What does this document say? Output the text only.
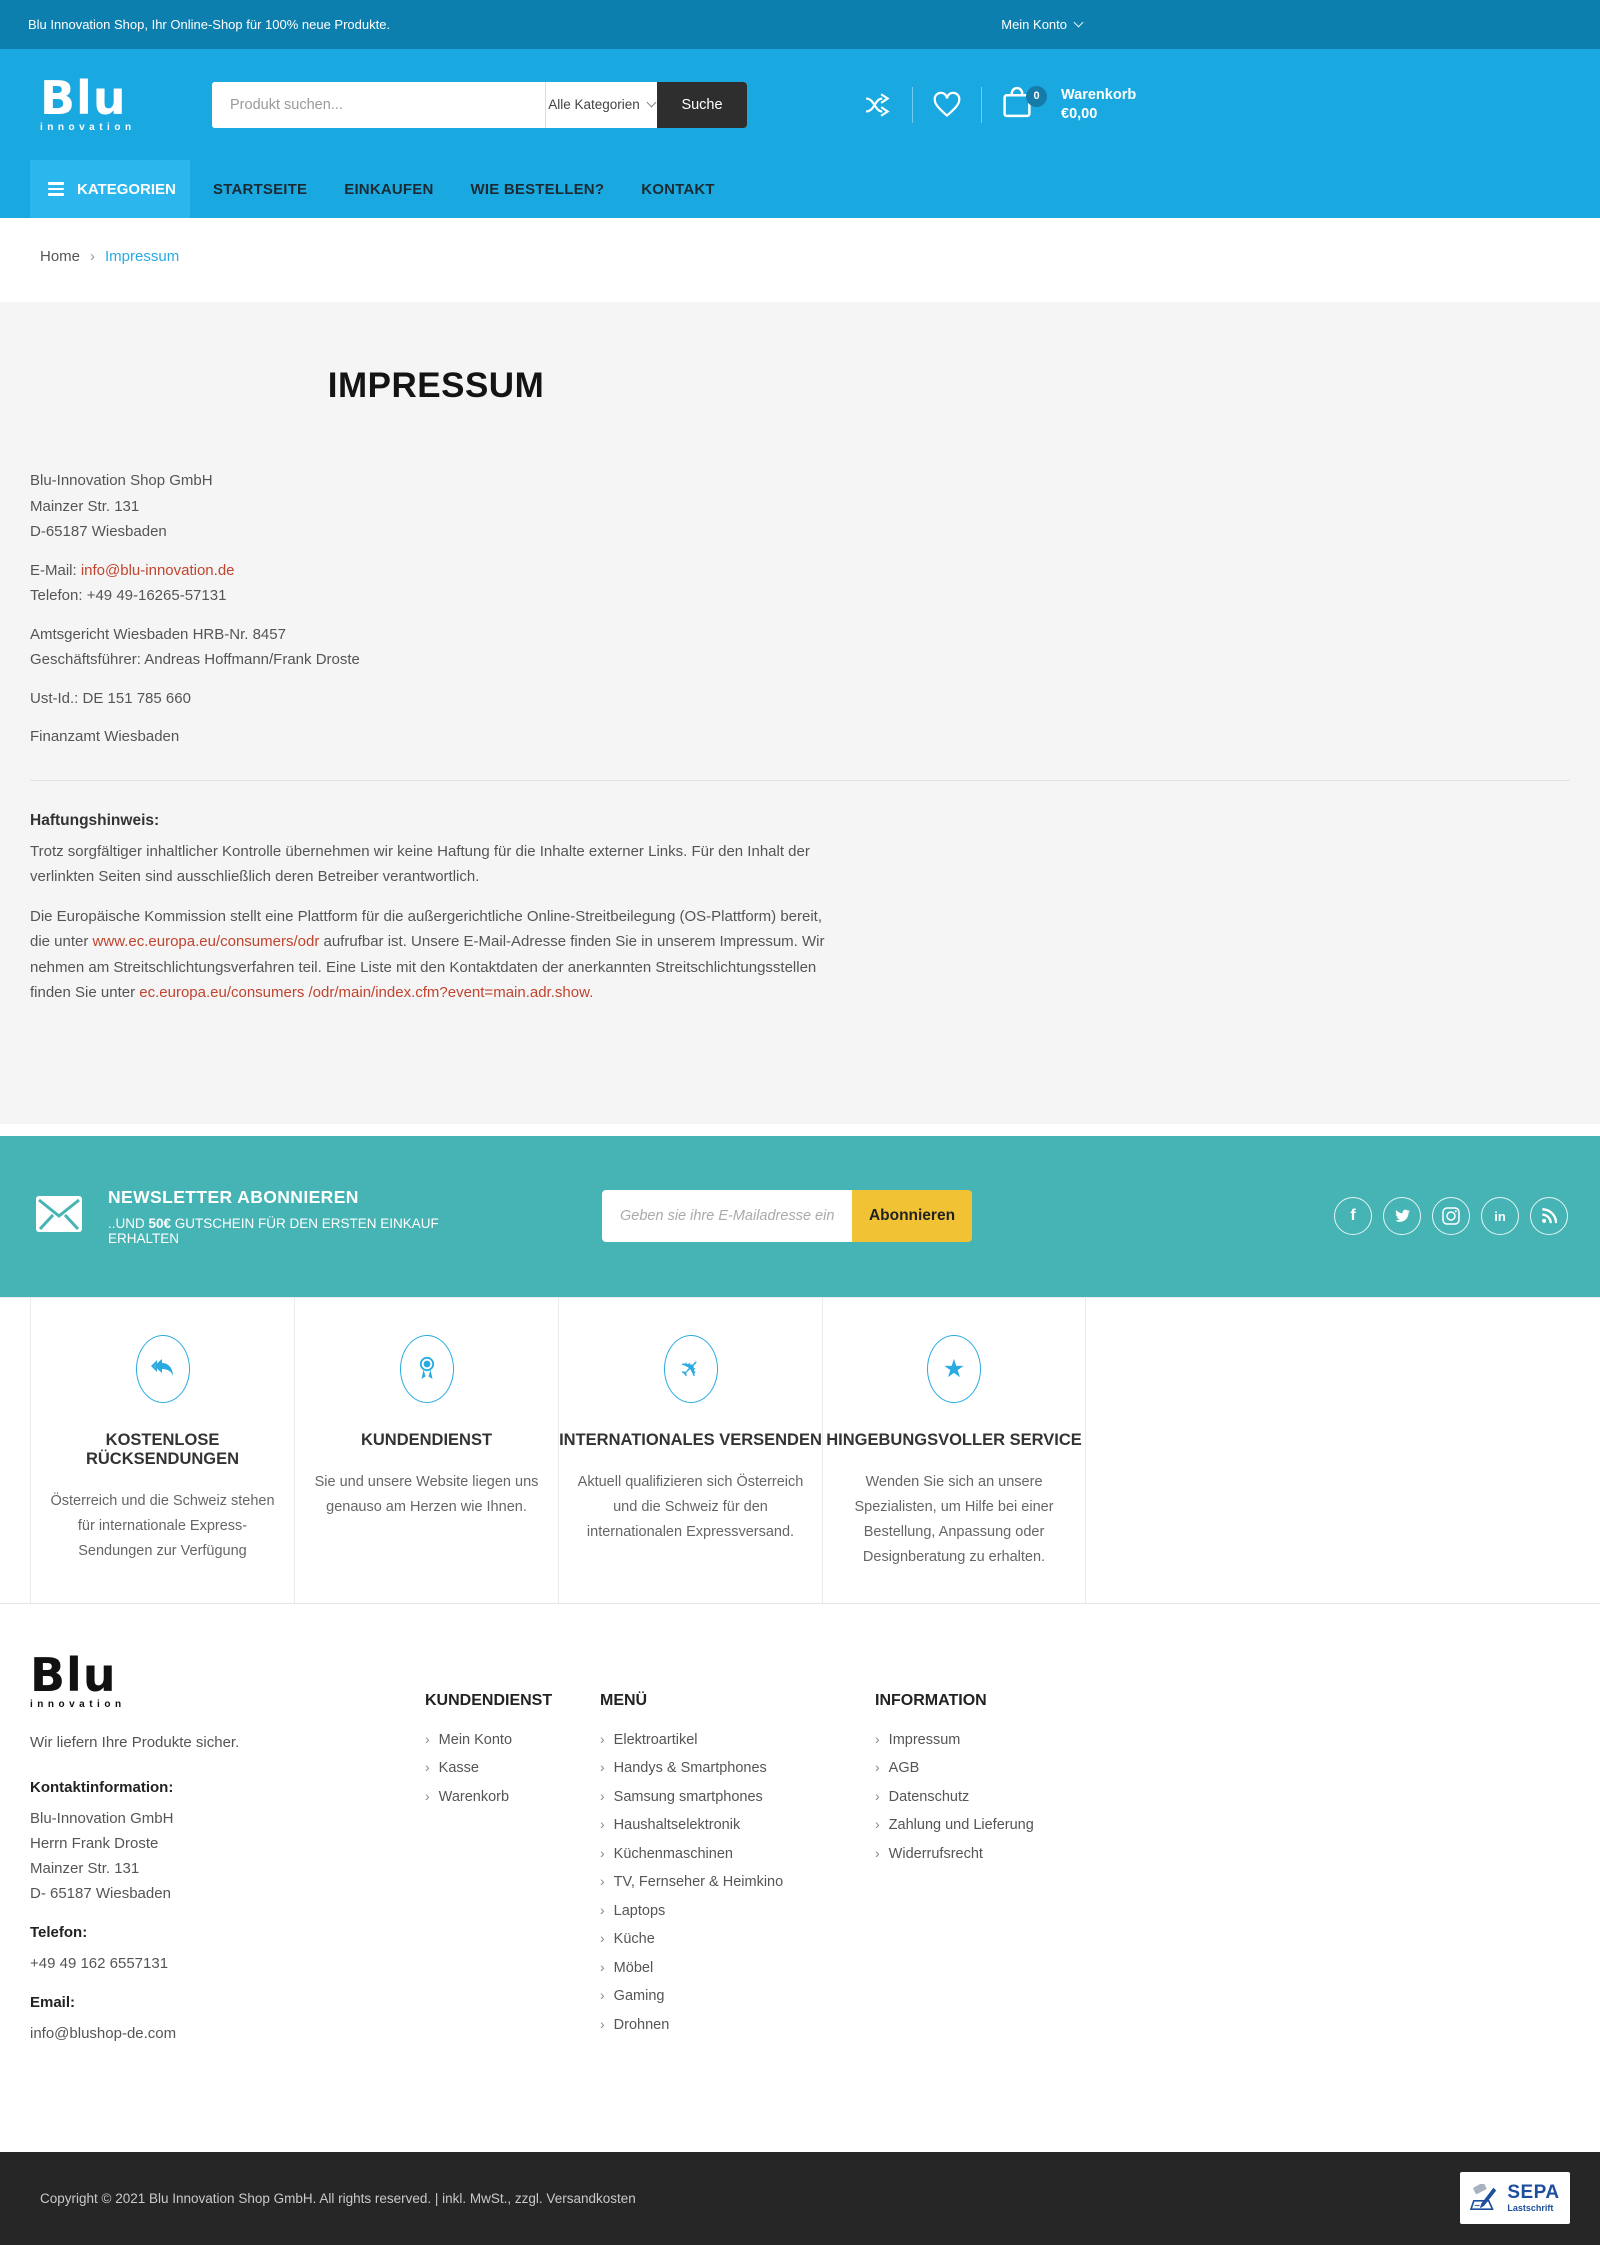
Blu Innovation Shop, Ihr Online-Shop für 100% neue Produkte.	Mein Konto
Blu
innovation
Produkt suchen...
Alle Kategorien	Suche
0	Warenkorb
€0,00
KATEGORIEN STARTSEITE EINKAUFEN WIE BESTELLEN? KONTAKT
Home › Impressum
IMPRESSUM

Blu-Innovation Shop GmbH
Mainzer Str. 131
D-65187 Wiesbaden

E-Mail: info@blu-innovation.de
Telefon: +49 49-16265-57131

Amtsgericht Wiesbaden HRB-Nr. 8457
Geschäftsführer: Andreas Hoffmann/Frank Droste

Ust-Id.: DE 151 785 660

Finanzamt Wiesbaden

Haftungshinweis:

Trotz sorgfältiger inhaltlicher Kontrolle übernehmen wir keine Haftung für die Inhalte externer Links. Für den Inhalt der verlinkten Seiten sind ausschließlich deren Betreiber verantwortlich.

Die Europäische Kommission stellt eine Plattform für die außergerichtliche Online-Streitbeilegung (OS-Plattform) bereit, die unter www.ec.europa.eu/consumers/odr aufrufbar ist. Unsere E-Mail-Adresse finden Sie in unserem Impressum. Wir nehmen am Streitschlichtungsverfahren teil. Eine Liste mit den Kontaktdaten der anerkannten Streitschlichtungsstellen finden Sie unter ec.europa.eu/consumers /odr/main/index.cfm?event=main.adr.show.

NEWSLETTER ABONNIEREN
..UND 50€ GUTSCHEIN FÜR DEN ERSTEN EINKAUF ERHALTEN
Geben sie ihre E-Mailadresse ein..
Abonnieren	f	in
KOSTENLOSE RÜCKSENDUNGEN
Österreich und die Schweiz stehen für internationale Express-Sendungen zur Verfügung
KUNDENDIENST
Sie und unsere Website liegen uns genauso am Herzen wie Ihnen.
✈
INTERNATIONALES VERSENDEN
Aktuell qualifizieren sich Österreich und die Schweiz für den internationalen Expressversand.
★
HINGEBUNGSVOLLER SERVICE
Wenden Sie sich an unsere Spezialisten, um Hilfe bei einer Bestellung, Anpassung oder Designberatung zu erhalten.
Blu
innovation
Wir liefern Ihre Produkte sicher.
Kontaktinformation:
Blu-Innovation GmbH
Herrn Frank Droste
Mainzer Str. 131
D- 65187 Wiesbaden
Telefon:
+49 49 162 6557131
Email:
info@blushop-de.com
KUNDENDIENST
› Mein Konto
› Kasse
› Warenkorb
MENÜ
› Elektroartikel
› Handys & Smartphones
› Samsung smartphones
› Haushaltselektronik
› Küchenmaschinen
› TV, Fernseher & Heimkino
› Laptops
› Küche
› Möbel
› Gaming
› Drohnen
INFORMATION
› Impressum
› AGB
› Datenschutz
› Zahlung und Lieferung
› Widerrufsrecht
Copyright © 2021 Blu Innovation Shop GmbH. All rights reserved. | inkl. MwSt., zzgl. Versandkosten	SEPA
Lastschrift
